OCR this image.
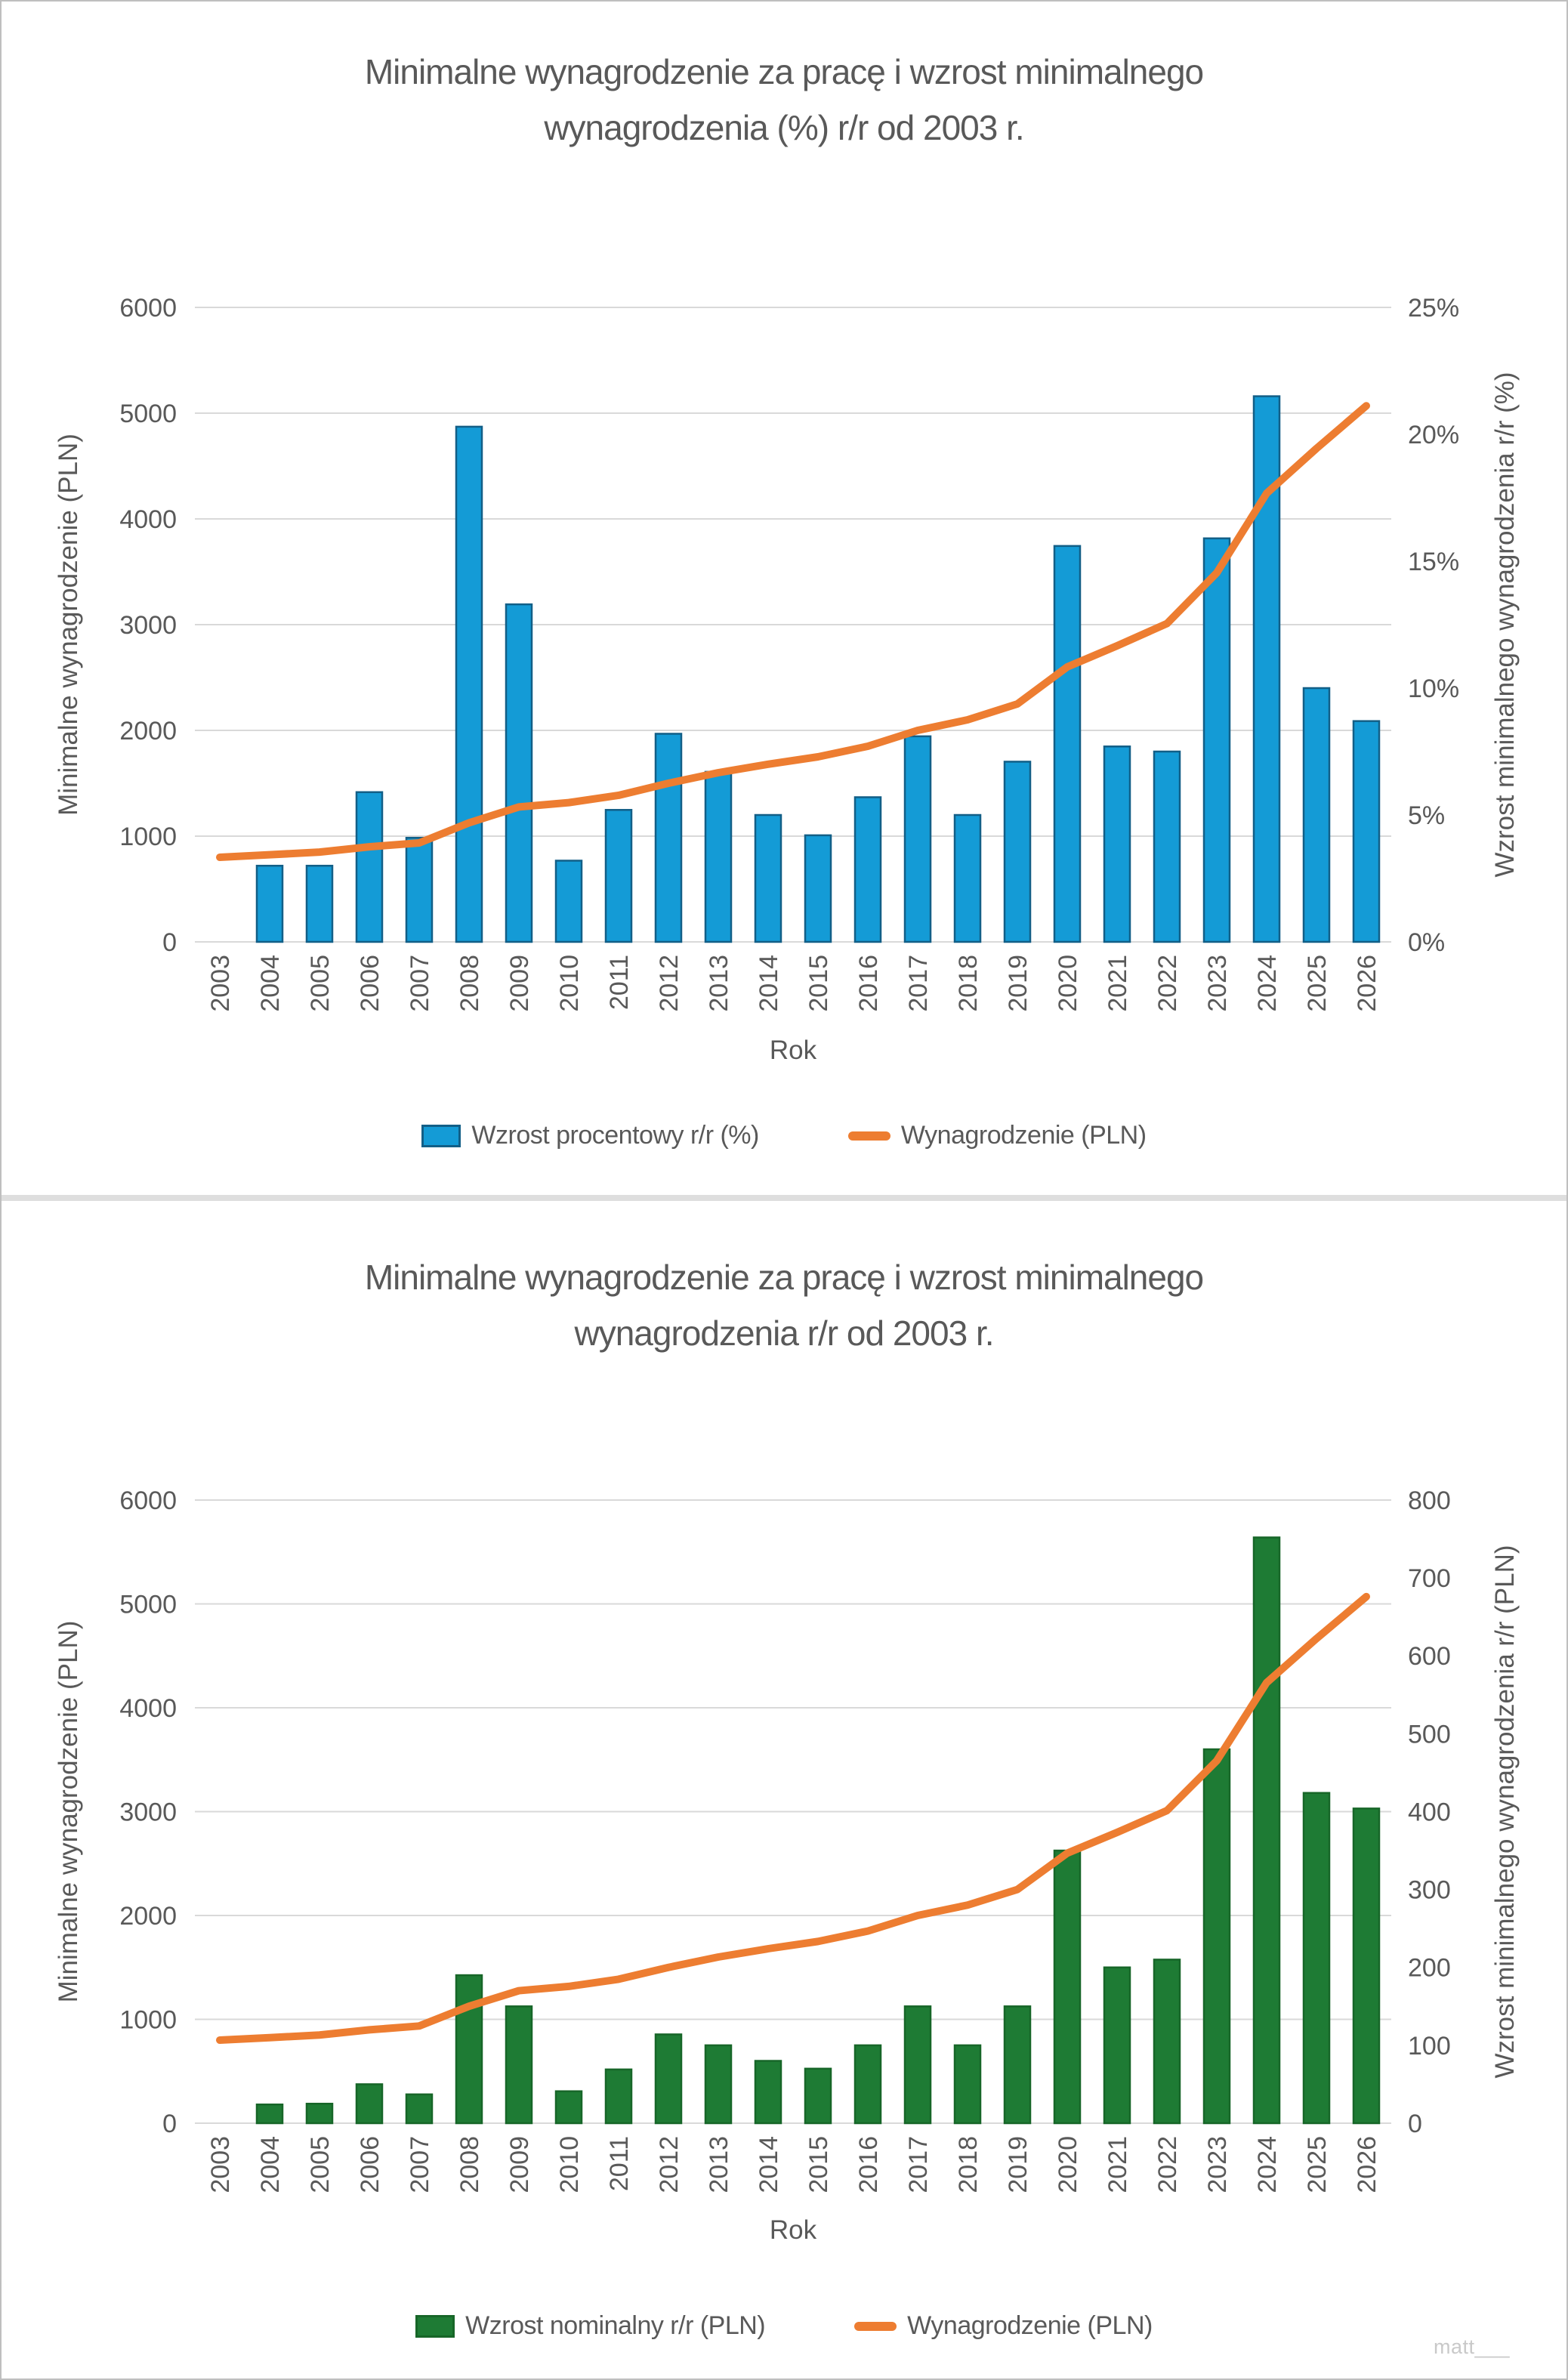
Minimalne wynagrodzenie za pracę i wzrost minimalnego
wynagrodzenia (%) r/r od 2003 r.
0
1000
2000
3000
4000
5000
6000
0%
5%
10%
15%
20%
25%
Minimalne wynagrodzenie (PLN)	Wzrost minimalnego wynagrodzenia r/r (%)
2003 2004 2005 2006 2007 2008 2009 2010 2011 2012 2013 2014 2015 2016 2017 2018 2019 2020 2021 2022 2023 2024 2025 2026
Rok
Wzrost procentowy r/r (%)	Wynagrodzenie (PLN)
Minimalne wynagrodzenie za pracę i wzrost minimalnego
wynagrodzenia r/r od 2003 r.
0
1000
2000
3000
4000
5000
6000
0
100
200
300
400
500
600
700
800
Minimalne wynagrodzenie (PLN)	Wzrost minimalnego wynagrodzenia r/r (PLN)
2003 2004 2005 2006 2007 2008 2009 2010 2011 2012 2013 2014 2015 2016 2017 2018 2019 2020 2021 2022 2023 2024 2025 2026
Rok
Wzrost nominalny r/r (PLN)	Wynagrodzenie (PLN)
matt___
